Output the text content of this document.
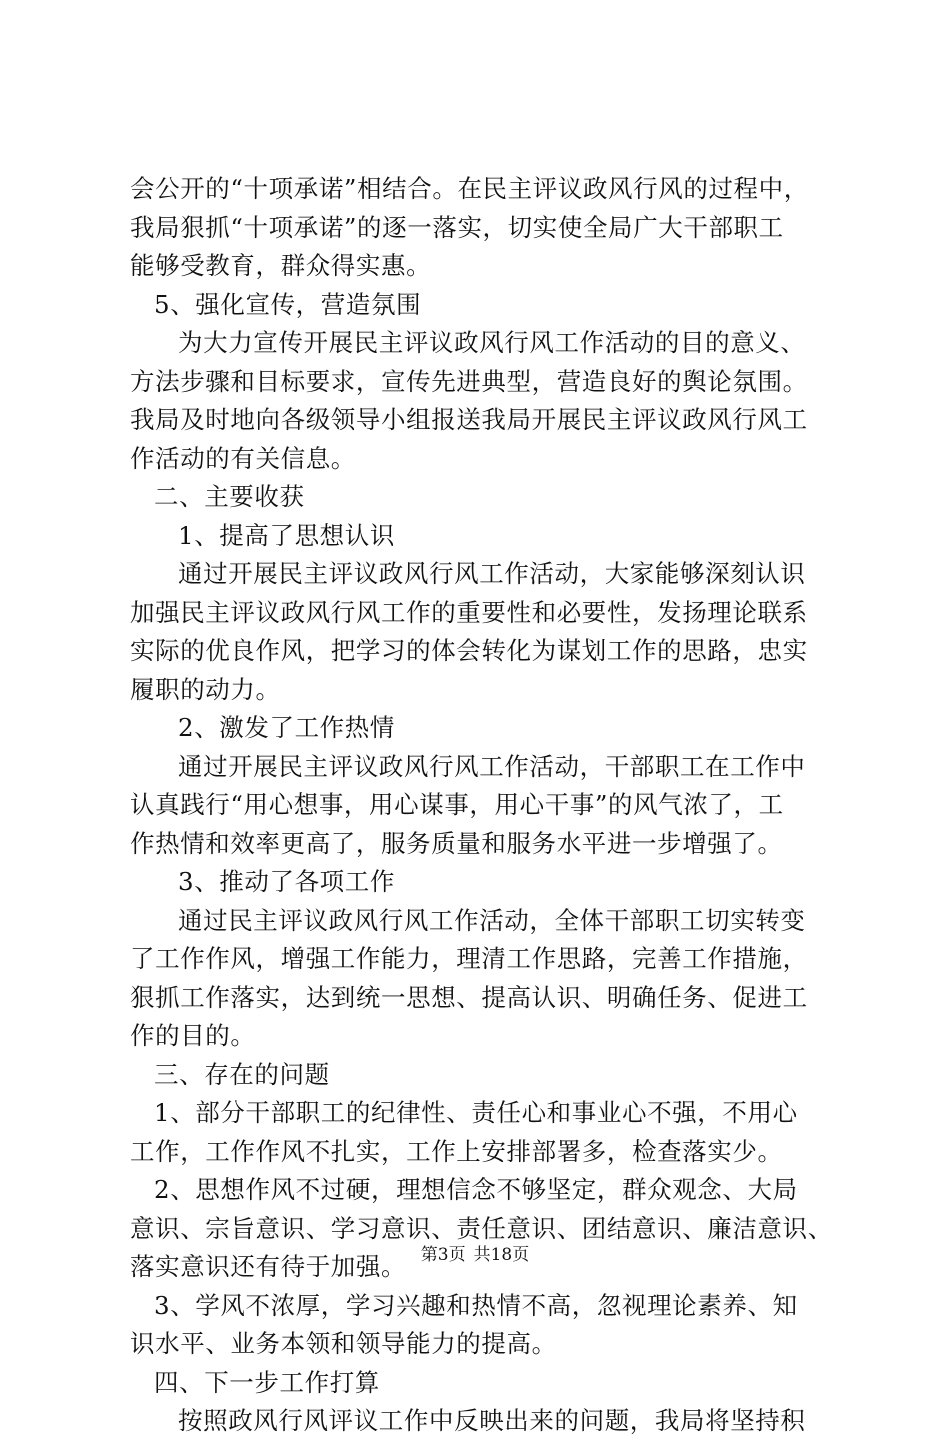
会公开的“十项承诺”相结合。在民主评议政风行风的过程中，
我局狠抓“十项承诺”的逐一落实，切实使全局广大干部职工
能够受教育，群众得实惠。
5、强化宣传，营造氛围
为大力宣传开展民主评议政风行风工作活动的目的意义、
方法步骤和目标要求，宣传先进典型，营造良好的舆论氛围。
我局及时地向各级领导小组报送我局开展民主评议政风行风工
作活动的有关信息。
二、主要收获
1、提高了思想认识
通过开展民主评议政风行风工作活动，大家能够深刻认识
加强民主评议政风行风工作的重要性和必要性，发扬理论联系
实际的优良作风，把学习的体会转化为谋划工作的思路，忠实
履职的动力。
2、激发了工作热情
通过开展民主评议政风行风工作活动，干部职工在工作中
认真践行“用心想事，用心谋事，用心干事”的风气浓了，工
作热情和效率更高了，服务质量和服务水平进一步增强了。
3、推动了各项工作
通过民主评议政风行风工作活动，全体干部职工切实转变
了工作作风，增强工作能力，理清工作思路，完善工作措施，
狠抓工作落实，达到统一思想、提高认识、明确任务、促进工
作的目的。
三、存在的问题
1、部分干部职工的纪律性、责任心和事业心不强，不用心
工作，工作作风不扎实，工作上安排部署多，检查落实少。
2、思想作风不过硬，理想信念不够坚定，群众观念、大局
意识、宗旨意识、学习意识、责任意识、团结意识、廉洁意识、
落实意识还有待于加强。
3、学风不浓厚，学习兴趣和热情不高，忽视理论素养、知
识水平、业务本领和领导能力的提高。
四、下一步工作打算
按照政风行风评议工作中反映出来的问题，我局将坚持积
第3页 共18页
